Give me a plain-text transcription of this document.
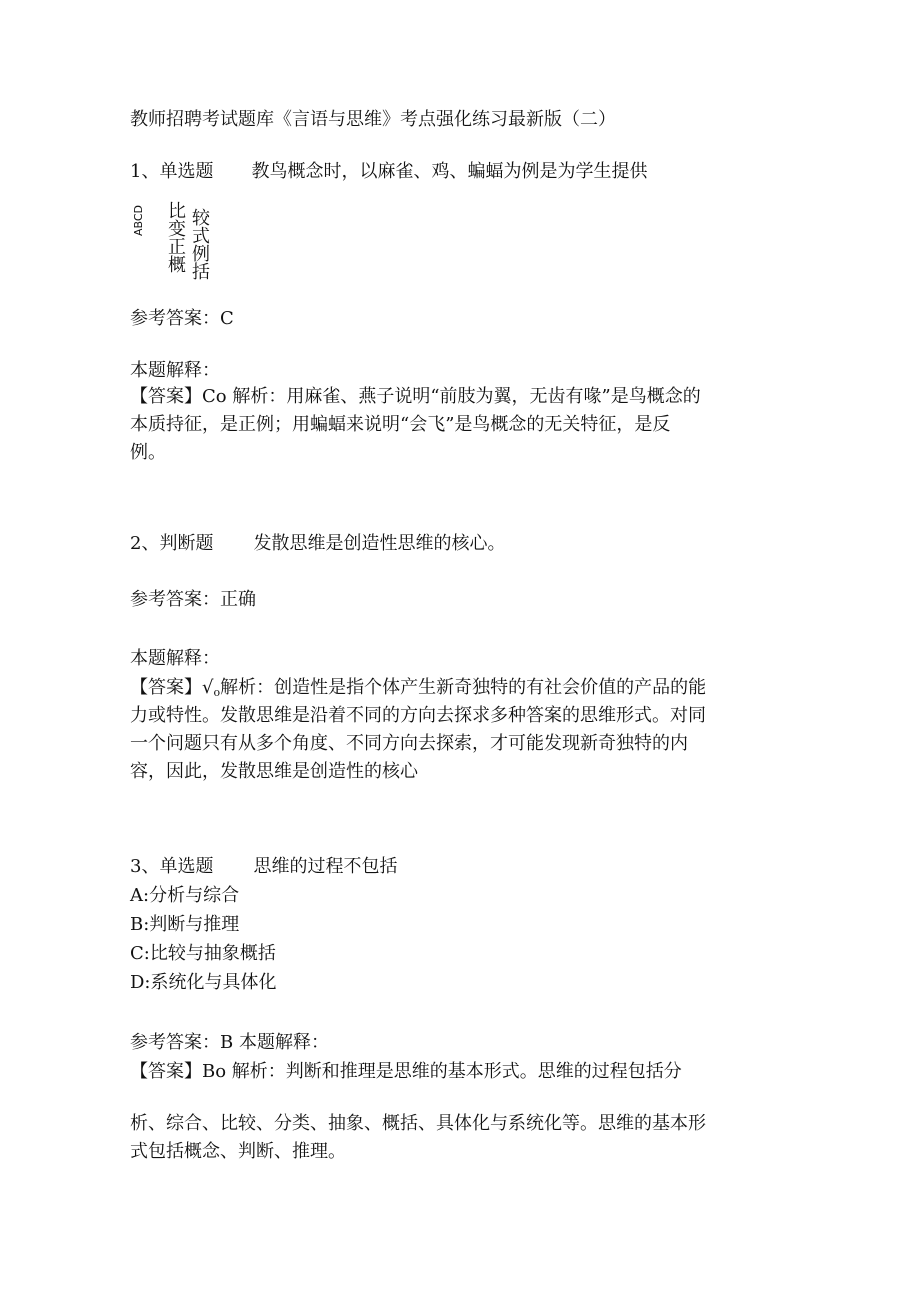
教师招聘考试题库《言语与思维》考点强化练习最新版（二）
1、单选题 教鸟概念时，以麻雀、鸡、蝙蝠为例是为学生提供
ABCD 比变正概 较式例括
参考答案：C
本题解释：
【答案】Co 解析：用麻雀、燕子说明“前肢为翼，无齿有喙”是鸟概念的
本质持征，是正例；用蝙蝠来说明“会飞”是鸟概念的无关特征，是反
例。
2、判断题 发散思维是创造性思维的核心。
参考答案：正确
本题解释：
【答案】$√_o$解析：创造性是指个体产生新奇独特的有社会价值的产品的能
力或特性。发散思维是沿着不同的方向去探求多种答案的思维形式。对同
一个问题只有从多个角度、不同方向去探索，才可能发现新奇独特的内
容，因此，发散思维是创造性的核心
3、单选题 思维的过程不包括
A:分析与综合
B:判断与推理
C:比较与抽象概括
D:系统化与具体化
参考答案：B 本题解释：
【答案】Bo 解析：判断和推理是思维的基本形式。思维的过程包括分
析、综合、比较、分类、抽象、概括、具体化与系统化等。思维的基本形
式包括概念、判断、推理。
